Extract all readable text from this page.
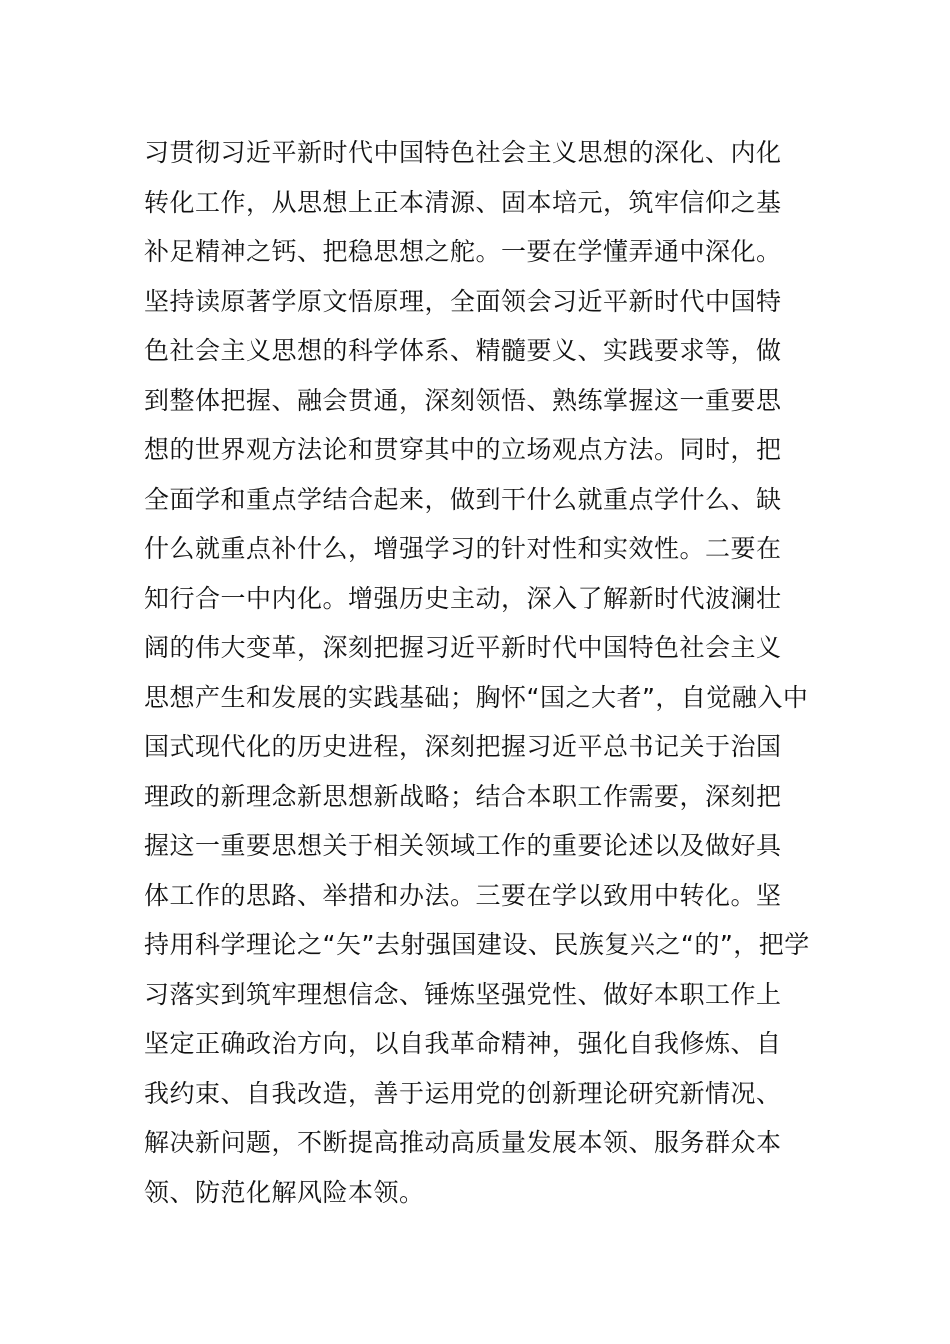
习贯彻习近平新时代中国特色社会主义思想的深化、内化
转化工作，从思想上正本清源、固本培元，筑牢信仰之基
补足精神之钙、把稳思想之舵。一要在学懂弄通中深化。
坚持读原著学原文悟原理，全面领会习近平新时代中国特
色社会主义思想的科学体系、精髓要义、实践要求等，做
到整体把握、融会贯通，深刻领悟、熟练掌握这一重要思
想的世界观方法论和贯穿其中的立场观点方法。同时，把
全面学和重点学结合起来，做到干什么就重点学什么、缺
什么就重点补什么，增强学习的针对性和实效性。二要在
知行合一中内化。增强历史主动，深入了解新时代波澜壮
阔的伟大变革，深刻把握习近平新时代中国特色社会主义
思想产生和发展的实践基础；胸怀“国之大者”，自觉融入中
国式现代化的历史进程，深刻把握习近平总书记关于治国
理政的新理念新思想新战略；结合本职工作需要，深刻把
握这一重要思想关于相关领域工作的重要论述以及做好具
体工作的思路、举措和办法。三要在学以致用中转化。坚
持用科学理论之“矢”去射强国建设、民族复兴之“的”，把学
习落实到筑牢理想信念、锤炼坚强党性、做好本职工作上
坚定正确政治方向，以自我革命精神，强化自我修炼、自
我约束、自我改造，善于运用党的创新理论研究新情况、
解决新问题，不断提高推动高质量发展本领、服务群众本
领、防范化解风险本领。
